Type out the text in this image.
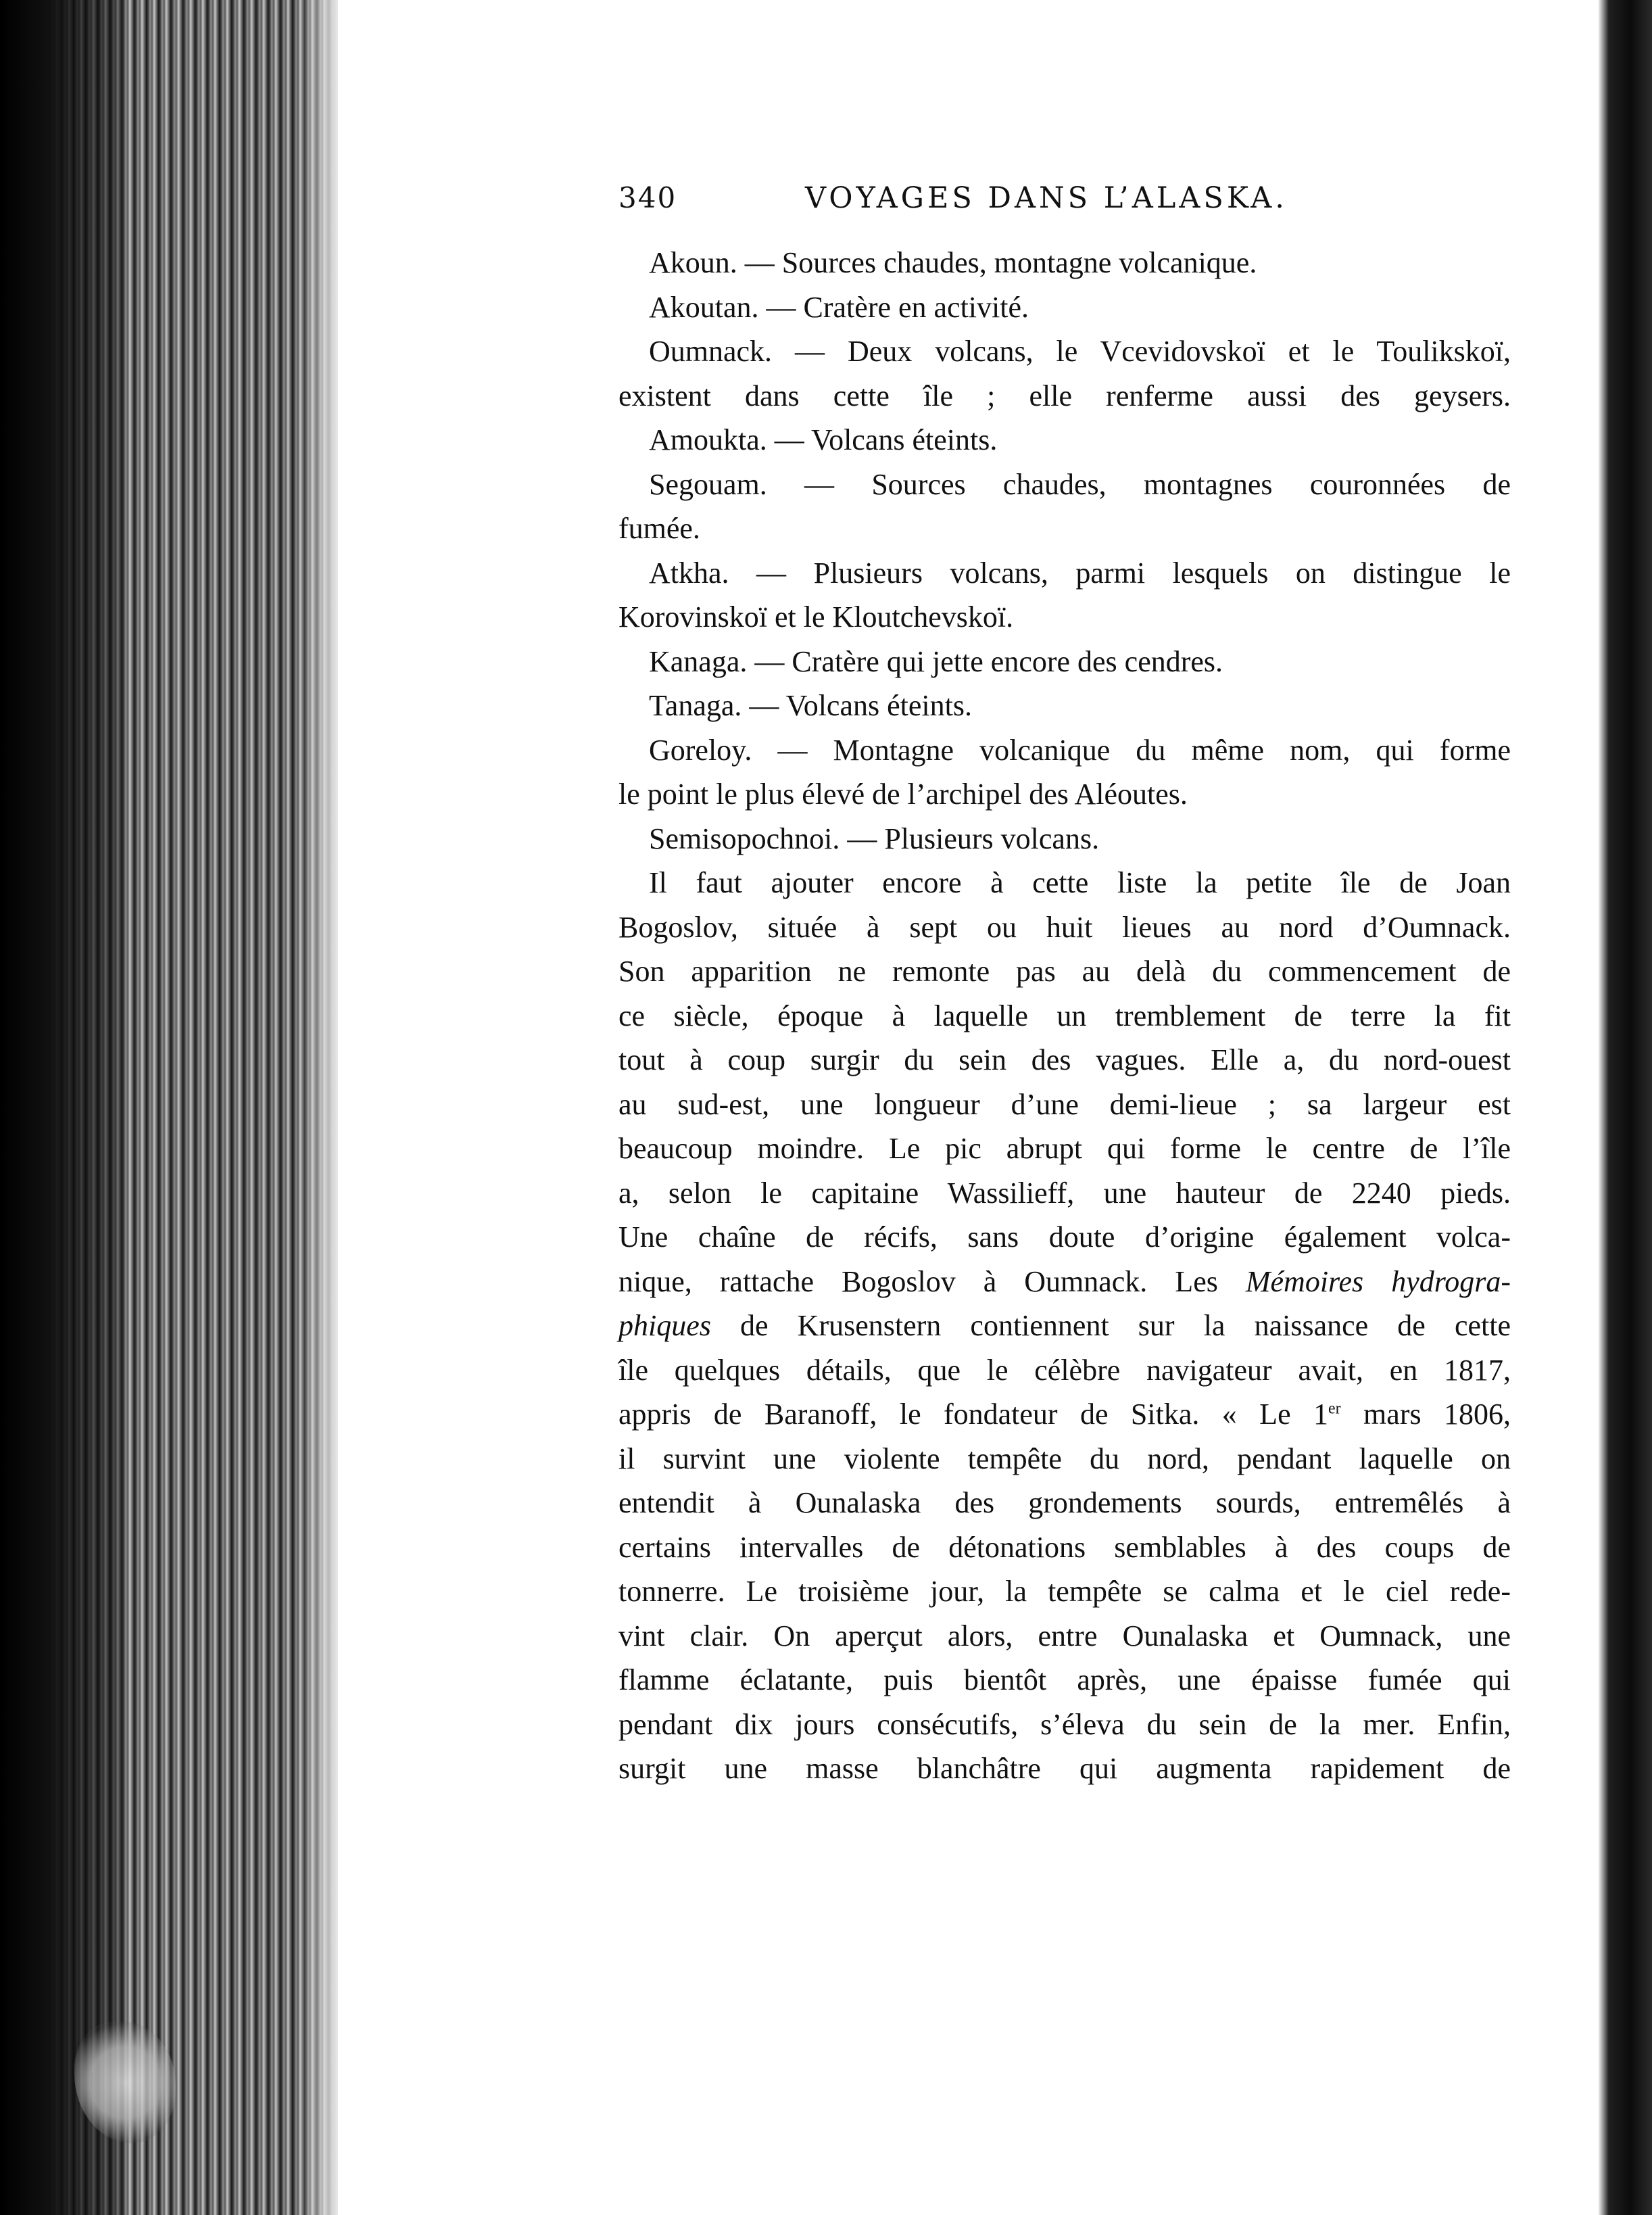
340	VOYAGES DANS L’ALASKA.
Akoun. — Sources chaudes, montagne volcanique.
Akoutan. — Cratère en activité.
Oumnack. — Deux volcans, le Vcevidovskoï et le Toulikskoï,
existent dans cette île ; elle renferme aussi des geysers.
Amoukta. — Volcans éteints.
Segouam. — Sources chaudes, montagnes couronnées de
fumée.
Atkha. — Plusieurs volcans, parmi lesquels on distingue le
Korovinskoï et le Kloutchevskoï.
Kanaga. — Cratère qui jette encore des cendres.
Tanaga. — Volcans éteints.
Goreloy. — Montagne volcanique du même nom, qui forme
le point le plus élevé de l’archipel des Aléoutes.
Semisopochnoi. — Plusieurs volcans.
Il faut ajouter encore à cette liste la petite île de Joan
Bogoslov, située à sept ou huit lieues au nord d’Oumnack.
Son apparition ne remonte pas au delà du commencement de
ce siècle, époque à laquelle un tremblement de terre la fit
tout à coup surgir du sein des vagues. Elle a, du nord-ouest
au sud-est, une longueur d’une demi-lieue ; sa largeur est
beaucoup moindre. Le pic abrupt qui forme le centre de l’île
a, selon le capitaine Wassilieff, une hauteur de 2240 pieds.
Une chaîne de récifs, sans doute d’origine également volca-
nique, rattache Bogoslov à Oumnack. Les Mémoires hydrogra-
phiques de Krusenstern contiennent sur la naissance de cette
île quelques détails, que le célèbre navigateur avait, en 1817,
appris de Baranoff, le fondateur de Sitka. « Le 1er mars 1806,
il survint une violente tempête du nord, pendant laquelle on
entendit à Ounalaska des grondements sourds, entremêlés à
certains intervalles de détonations semblables à des coups de
tonnerre. Le troisième jour, la tempête se calma et le ciel rede-
vint clair. On aperçut alors, entre Ounalaska et Oumnack, une
flamme éclatante, puis bientôt après, une épaisse fumée qui
pendant dix jours consécutifs, s’éleva du sein de la mer. Enfin,
surgit une masse blanchâtre qui augmenta rapidement de
